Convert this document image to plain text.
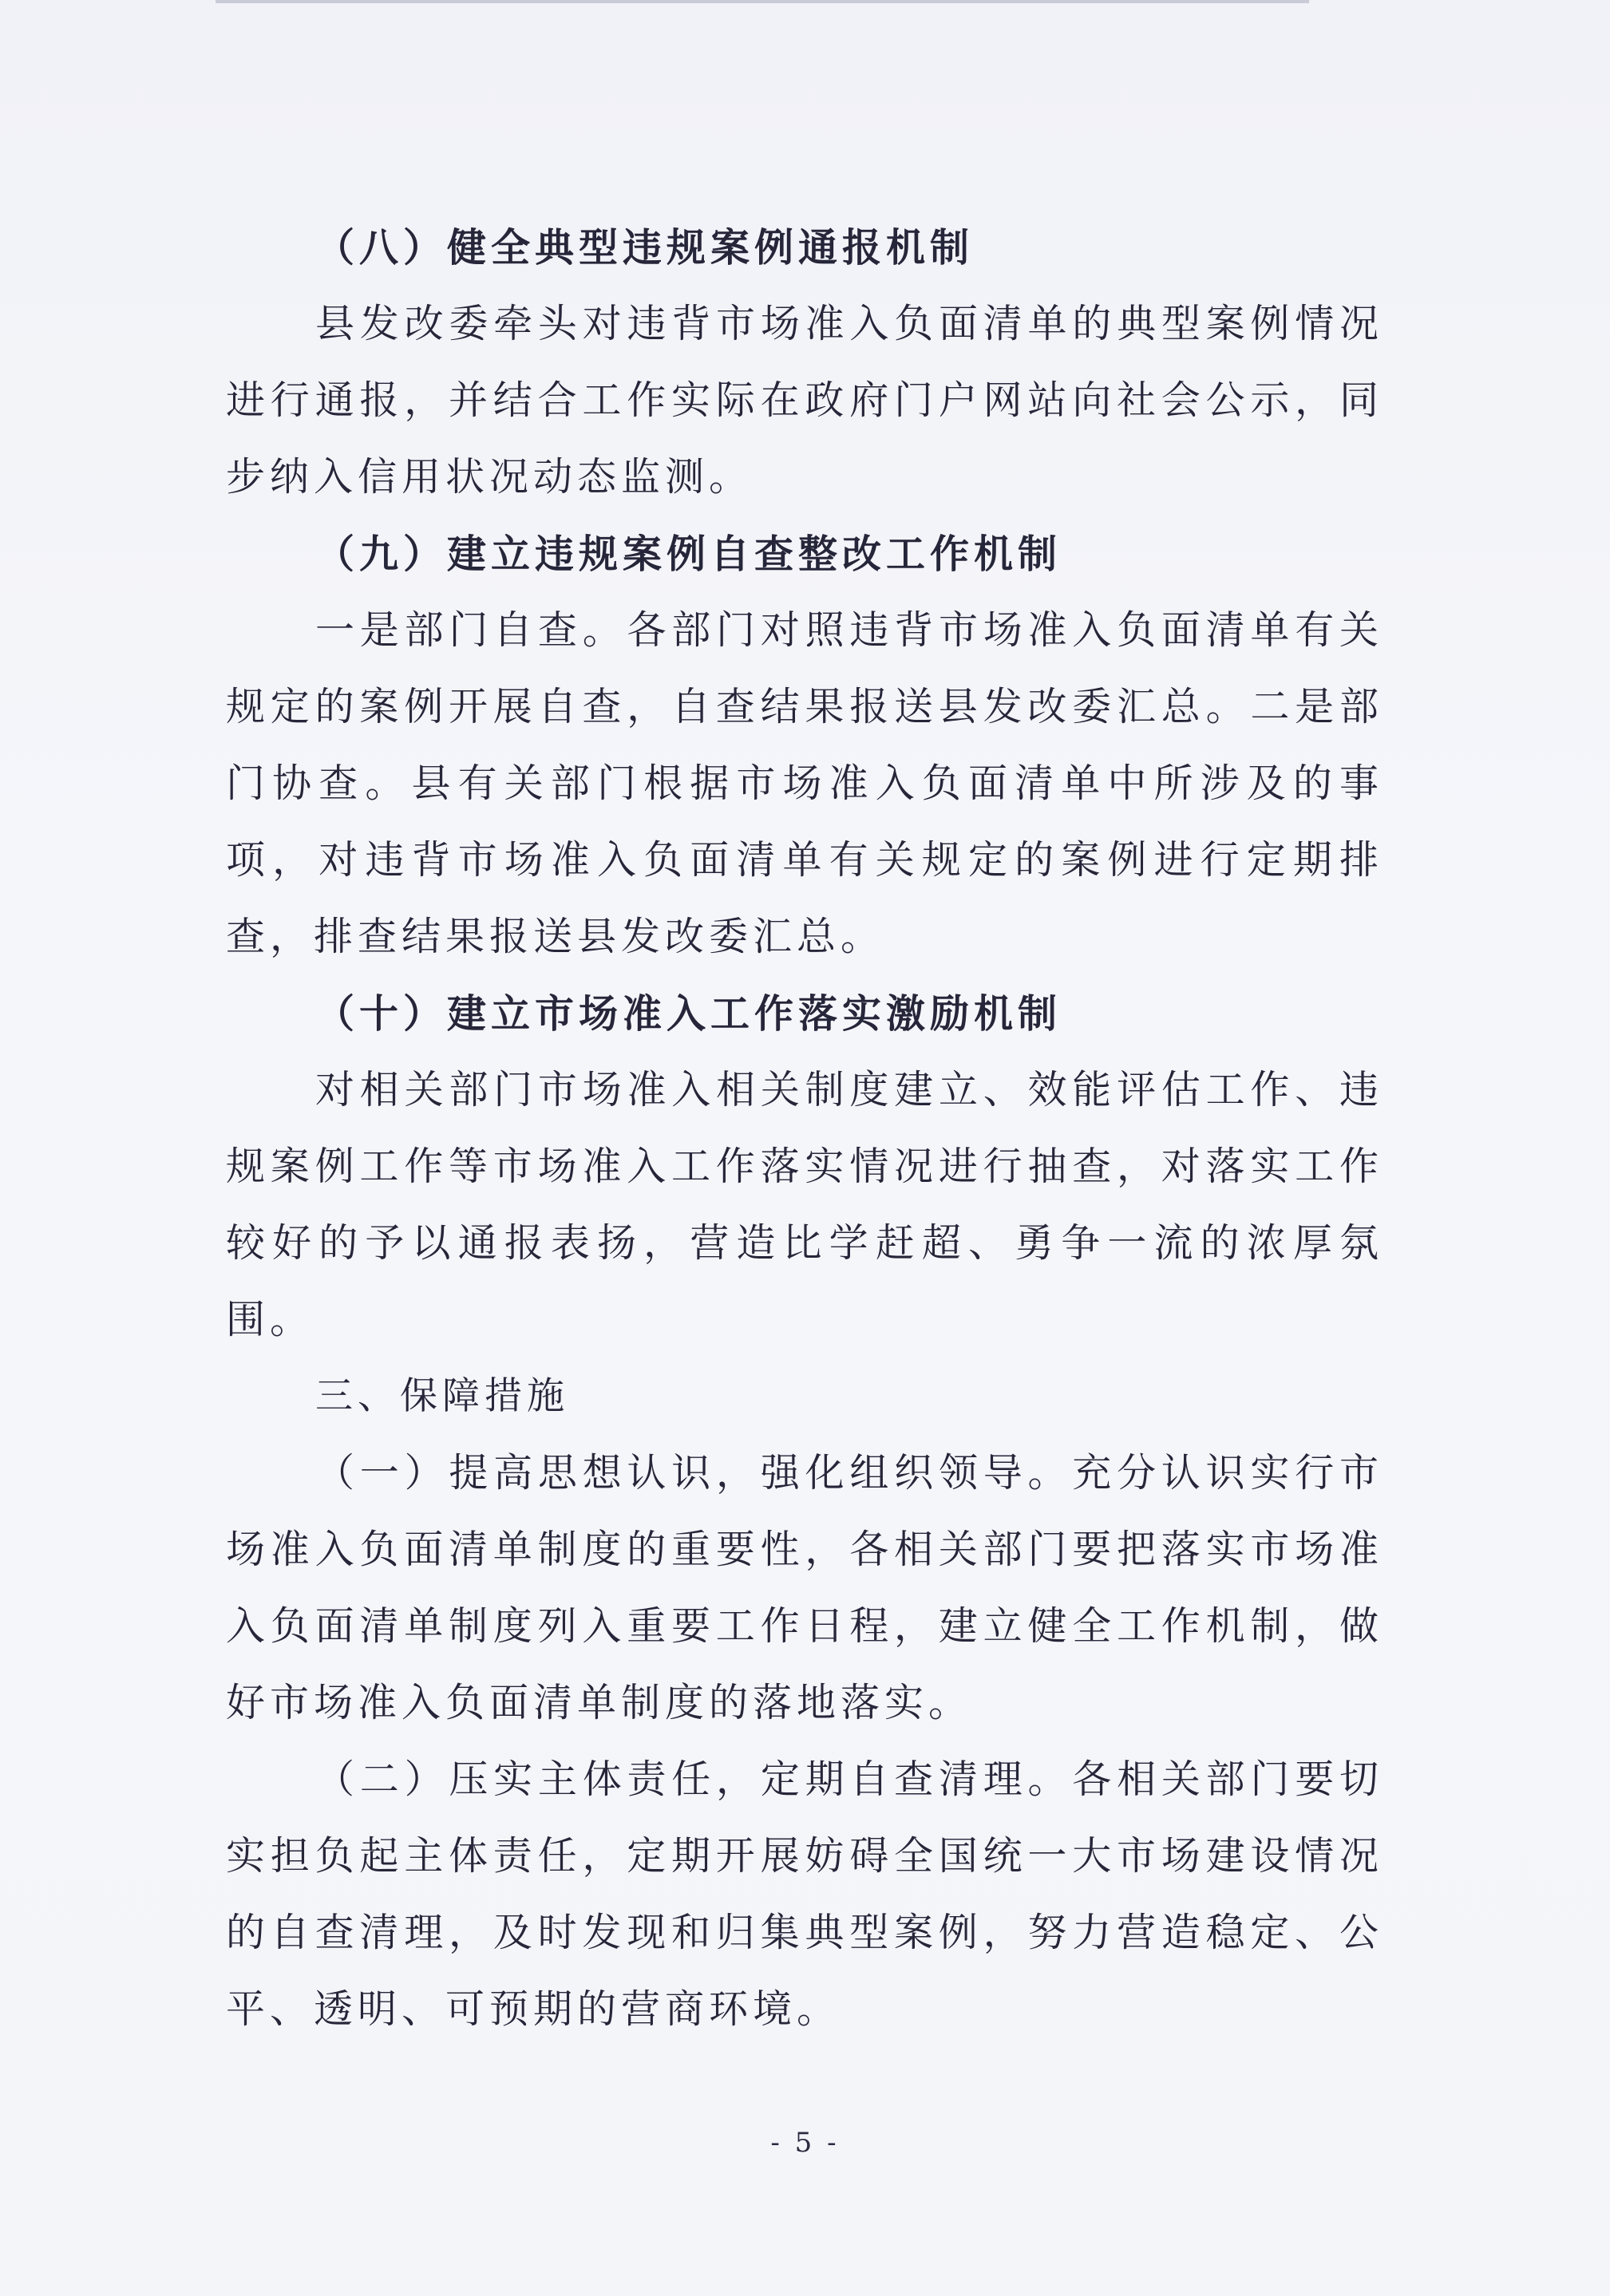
（八）健全典型违规案例通报机制

县发改委牵头对违背市场准入负面清单的典型案例情况进行通报，并结合工作实际在政府门户网站向社会公示，同步纳入信用状况动态监测。

（九）建立违规案例自查整改工作机制

一是部门自查。各部门对照违背市场准入负面清单有关规定的案例开展自查，自查结果报送县发改委汇总。二是部门协查。县有关部门根据市场准入负面清单中所涉及的事项，对违背市场准入负面清单有关规定的案例进行定期排查，排查结果报送县发改委汇总。

（十）建立市场准入工作落实激励机制

对相关部门市场准入相关制度建立、效能评估工作、违规案例工作等市场准入工作落实情况进行抽查，对落实工作较好的予以通报表扬，营造比学赶超、勇争一流的浓厚氛围。

三、保障措施

（一）提高思想认识，强化组织领导。充分认识实行市场准入负面清单制度的重要性，各相关部门要把落实市场准入负面清单制度列入重要工作日程，建立健全工作机制，做好市场准入负面清单制度的落地落实。

（二）压实主体责任，定期自查清理。各相关部门要切实担负起主体责任，定期开展妨碍全国统一大市场建设情况的自查清理，及时发现和归集典型案例，努力营造稳定、公平、透明、可预期的营商环境。

- 5 -
